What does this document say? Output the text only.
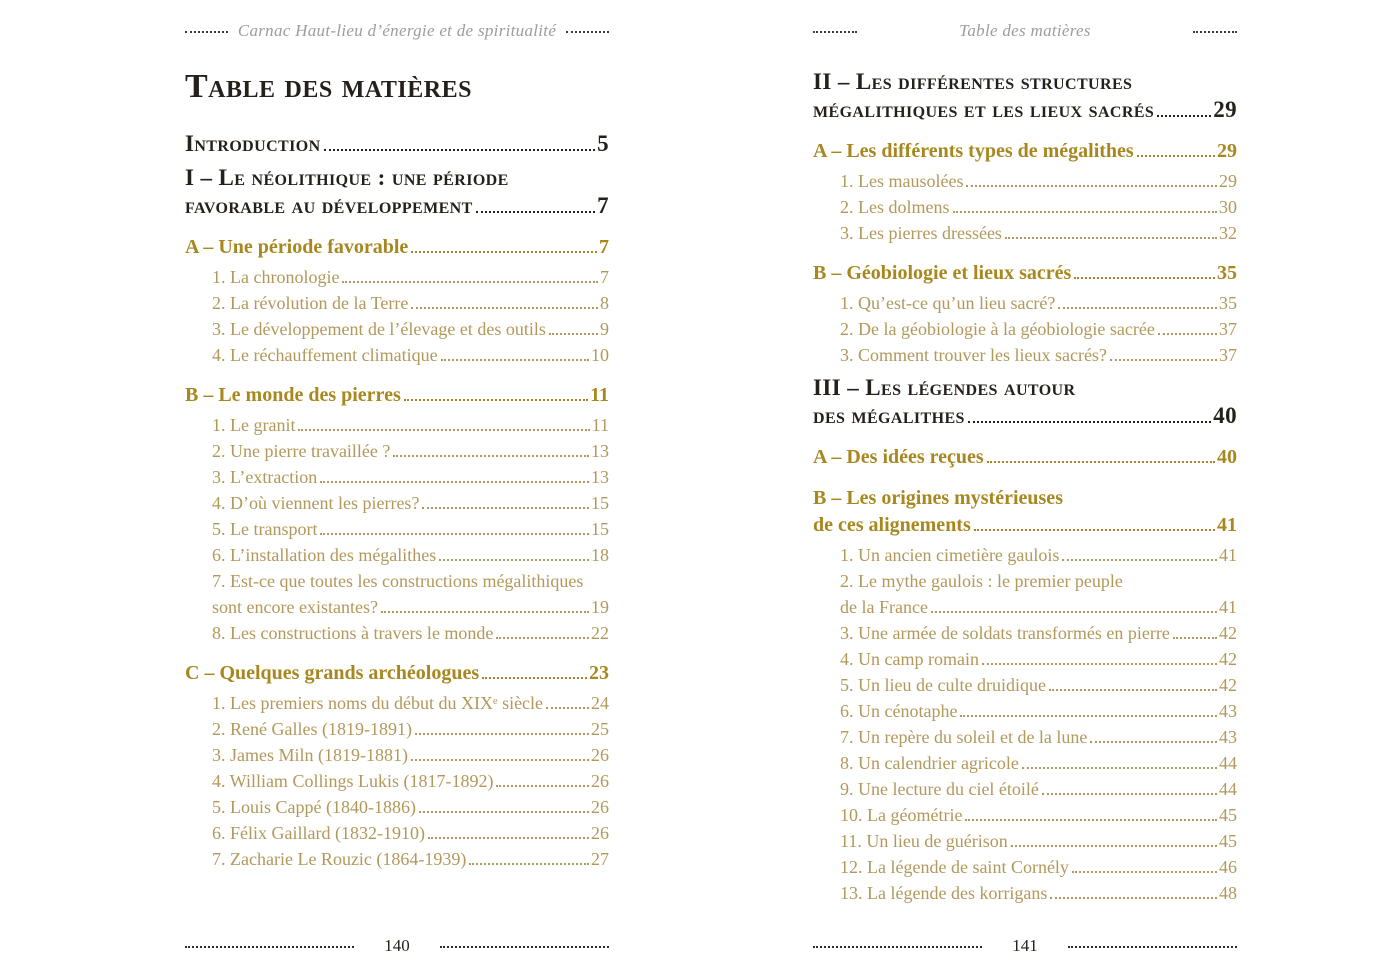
Carnac Haut-lieu d’énergie et de spiritualité
Table des matières
Introduction	5
I – Le néolithique : une période
favorable au développement	7
A – Une période favorable	7
1. La chronologie	7
2. La révolution de la Terre	8
3. Le développement de l’élevage et des outils	9
4. Le réchauffement climatique	10
B – Le monde des pierres	11
1. Le granit	11
2. Une pierre travaillée ?	13
3. L’extraction	13
4. D’où viennent les pierres?	15
5. Le transport	15
6. L’installation des mégalithes	18
7. Est-ce que toutes les constructions mégalithiques
sont encore existantes?	19
8. Les constructions à travers le monde	22
C – Quelques grands archéologues	23
1. Les premiers noms du début du XIXᵉ siècle	24
2. René Galles (1819-1891)	25
3. James Miln (1819-1881)	26
4. William Collings Lukis (1817-1892)	26
5. Louis Cappé (1840-1886)	26
6. Félix Gaillard (1832-1910)	26
7. Zacharie Le Rouzic (1864-1939)	27
140
Table des matières
II – Les différentes structures
mégalithiques et les lieux sacrés	29
A – Les différents types de mégalithes	29
1. Les mausolées	29
2. Les dolmens	30
3. Les pierres dressées	32
B – Géobiologie et lieux sacrés	35
1. Qu’est-ce qu’un lieu sacré?	35
2. De la géobiologie à la géobiologie sacrée	37
3. Comment trouver les lieux sacrés?	37
III – Les légendes autour
des mégalithes	40
A – Des idées reçues	40
B – Les origines mystérieuses
de ces alignements	41
1. Un ancien cimetière gaulois	41
2. Le mythe gaulois : le premier peuple
de la France	41
3. Une armée de soldats transformés en pierre	42
4. Un camp romain	42
5. Un lieu de culte druidique	42
6. Un cénotaphe	43
7. Un repère du soleil et de la lune	43
8. Un calendrier agricole	44
9. Une lecture du ciel étoilé	44
10. La géométrie	45
11. Un lieu de guérison	45
12. La légende de saint Cornély	46
13. La légende des korrigans	48
141
